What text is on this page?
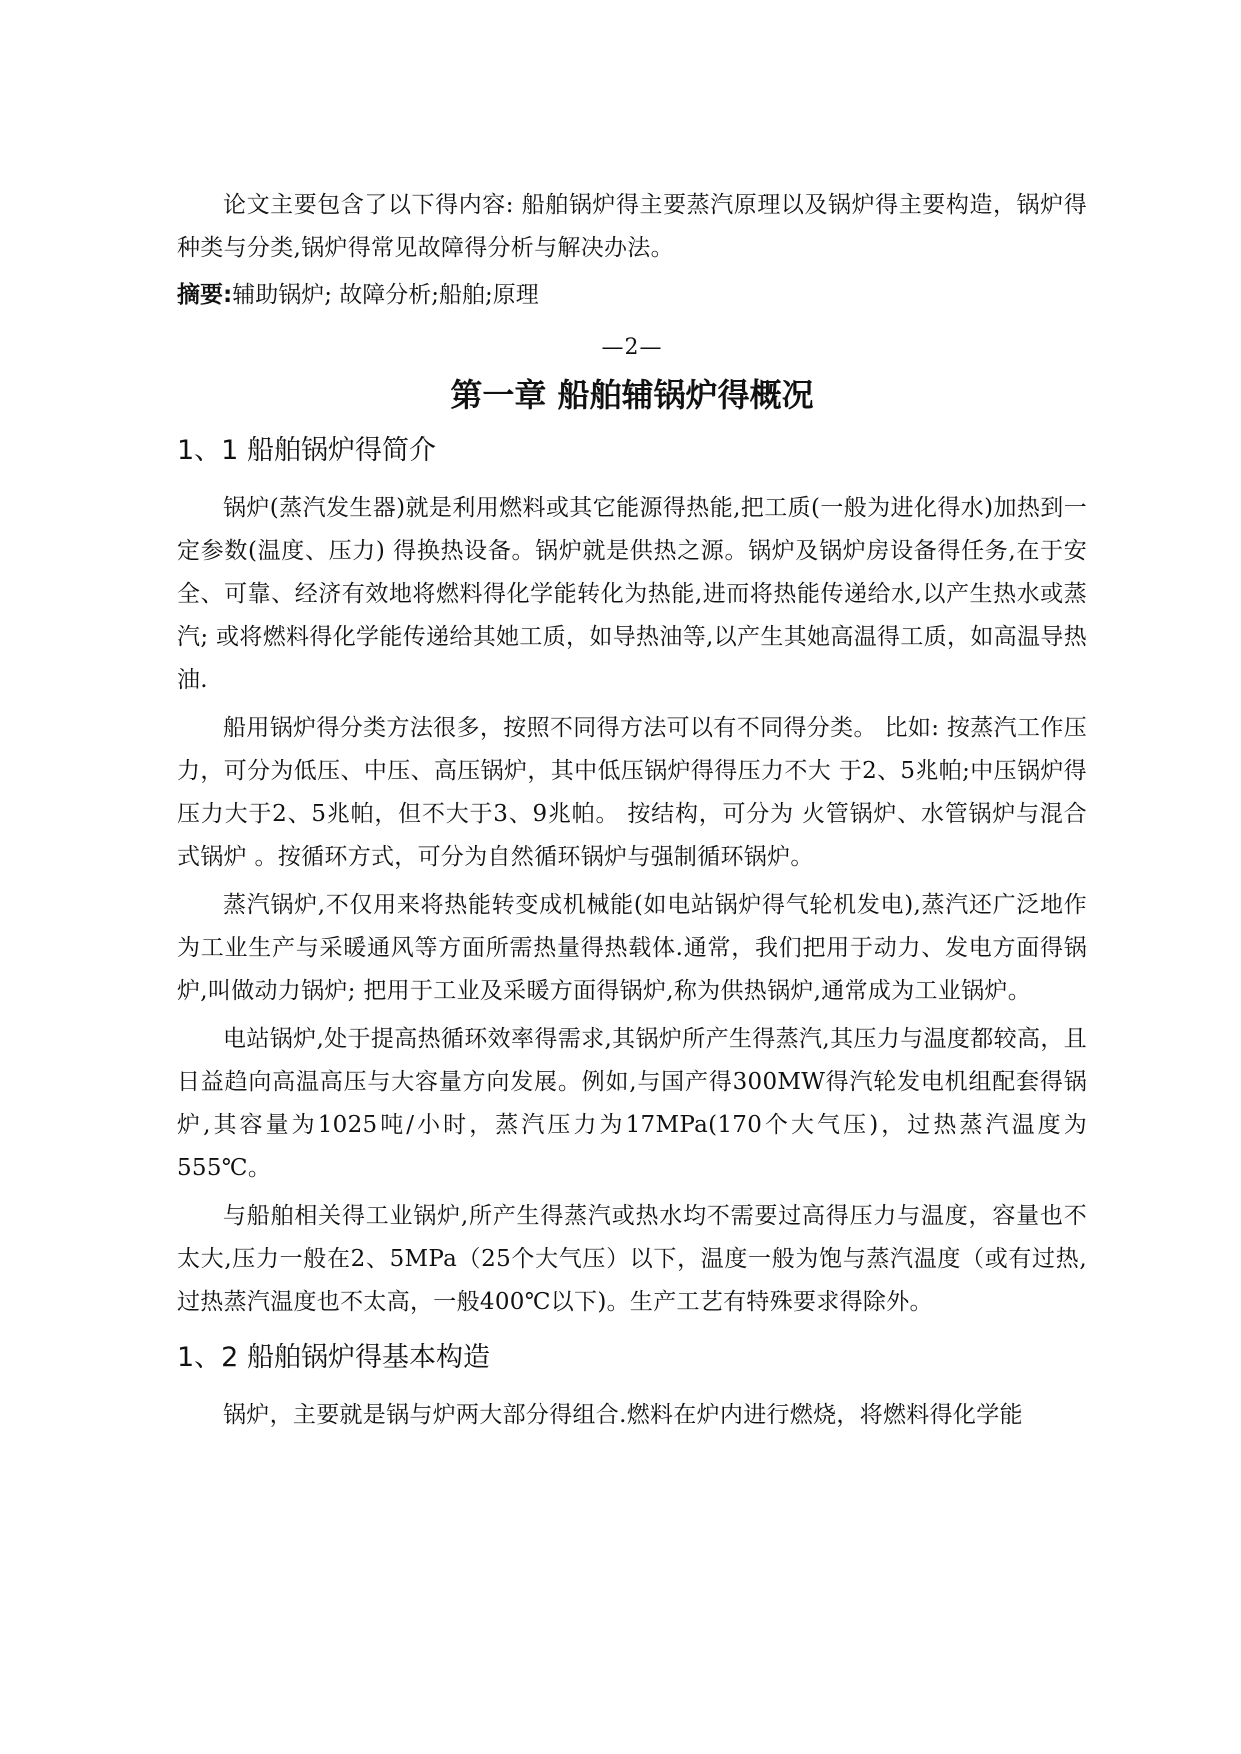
论文主要包含了以下得内容: 船舶锅炉得主要蒸汽原理以及锅炉得主要构造，锅炉得种类与分类,锅炉得常见故障得分析与解决办法。

摘要:辅助锅炉; 故障分析;船舶;原理

—2—
第一章 船舶辅锅炉得概况
1、1 船舶锅炉得简介

锅炉(蒸汽发生器)就是利用燃料或其它能源得热能,把工质(一般为进化得水)加热到一定参数(温度、压力) 得换热设备。锅炉就是供热之源。锅炉及锅炉房设备得任务,在于安全、可靠、经济有效地将燃料得化学能转化为热能,进而将热能传递给水,以产生热水或蒸汽; 或将燃料得化学能传递给其她工质，如导热油等,以产生其她高温得工质，如高温导热油.

船用锅炉得分类方法很多，按照不同得方法可以有不同得分类。 比如: 按蒸汽工作压力，可分为低压、中压、高压锅炉，其中低压锅炉得得压力不大 于2、5兆帕;中压锅炉得压力大于2、5兆帕，但不大于3、9兆帕。 按结构，可分为 火管锅炉、水管锅炉与混合式锅炉 。按循环方式，可分为自然循环锅炉与强制循环锅炉。

蒸汽锅炉,不仅用来将热能转变成机械能(如电站锅炉得气轮机发电),蒸汽还广泛地作为工业生产与采暖通风等方面所需热量得热载体.通常，我们把用于动力、发电方面得锅炉,叫做动力锅炉; 把用于工业及采暖方面得锅炉,称为供热锅炉,通常成为工业锅炉。

电站锅炉,处于提高热循环效率得需求,其锅炉所产生得蒸汽,其压力与温度都较高，且日益趋向高温高压与大容量方向发展。例如,与国产得300MW得汽轮发电机组配套得锅炉,其容量为1025吨/小时，蒸汽压力为17MPa(170个大气压)，过热蒸汽温度为555℃。

与船舶相关得工业锅炉,所产生得蒸汽或热水均不需要过高得压力与温度，容量也不太大,压力一般在2、5MPa（25个大气压）以下，温度一般为饱与蒸汽温度（或有过热,过热蒸汽温度也不太高，一般400℃以下)。生产工艺有特殊要求得除外。

1、2 船舶锅炉得基本构造

锅炉，主要就是锅与炉两大部分得组合.燃料在炉内进行燃烧，将燃料得化学能
